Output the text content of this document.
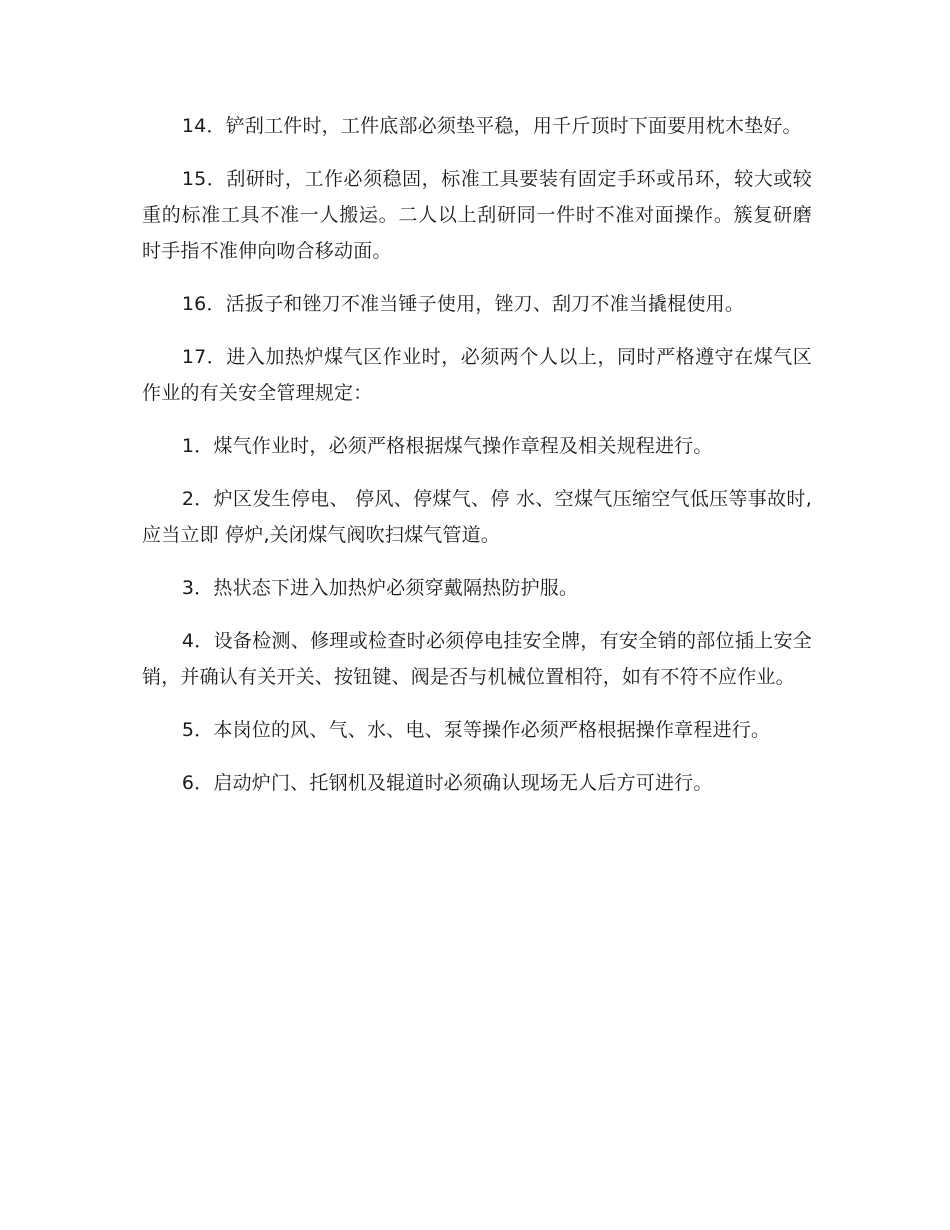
14．铲刮工件时，工件底部必须垫平稳，用千斤顶时下面要用枕木垫好。

15．刮研时，工作必须稳固，标准工具要装有固定手环或吊环，较大或较重的标准工具不准一人搬运。二人以上刮研同一件时不准对面操作。簇复研磨时手指不准伸向吻合移动面。

16．活扳子和锉刀不准当锤子使用，锉刀、刮刀不准当撬棍使用。

17．进入加热炉煤气区作业时，必须两个人以上，同时严格遵守在煤气区作业的有关安全管理规定：

1．煤气作业时，必须严格根据煤气操作章程及相关规程进行。

2．炉区发生停电、 停风、停煤气、停 水、空煤气压缩空气低压等事故时,应当立即 停炉,关闭煤气阀吹扫煤气管道。

3．热状态下进入加热炉必须穿戴隔热防护服。

4．设备检测、修理或检查时必须停电挂安全牌，有安全销的部位插上安全销，并确认有关开关、按钮键、阀是否与机械位置相符，如有不符不应作业。

5．本岗位的风、气、水、电、泵等操作必须严格根据操作章程进行。

6．启动炉门、托钢机及辊道时必须确认现场无人后方可进行。
